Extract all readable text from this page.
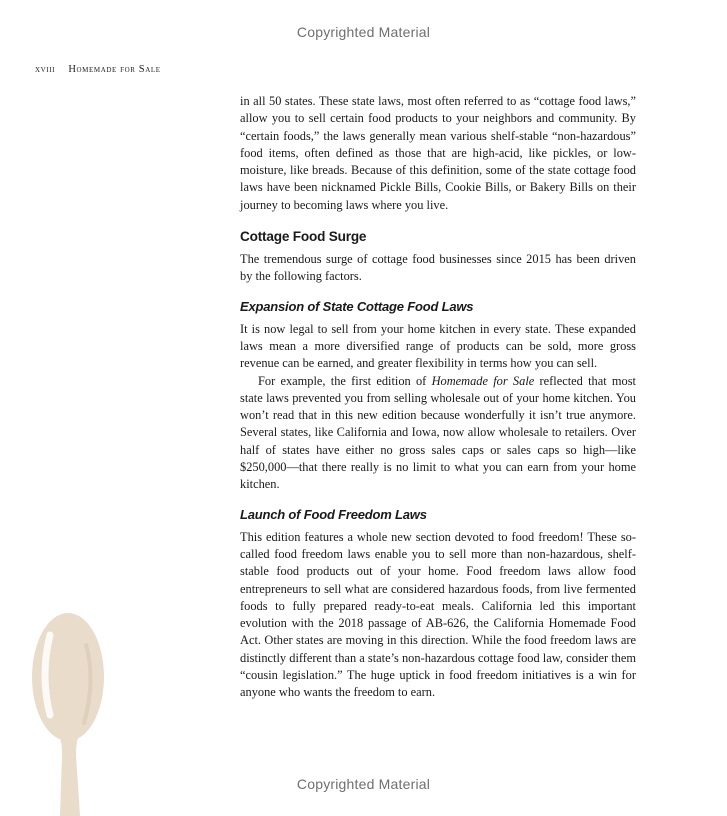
Copyrighted Material
xviii Homemade for Sale

in all 50 states. These state laws, most often referred to as “cottage food laws,” allow you to sell certain food products to your neighbors and community. By “certain foods,” the laws generally mean various shelf-stable “non-hazardous” food items, often defined as those that are high-acid, like pickles, or low-moisture, like breads. Because of this definition, some of the state cottage food laws have been nicknamed Pickle Bills, Cookie Bills, or Bakery Bills on their journey to becoming laws where you live.

Cottage Food Surge

The tremendous surge of cottage food businesses since 2015 has been driven by the following factors.

Expansion of State Cottage Food Laws

It is now legal to sell from your home kitchen in every state. These expanded laws mean a more diversified range of products can be sold, more gross revenue can be earned, and greater flexibility in terms how you can sell.

For example, the first edition of Homemade for Sale reflected that most state laws prevented you from selling wholesale out of your home kitchen. You won’t read that in this new edition because wonderfully it isn’t true anymore. Several states, like California and Iowa, now allow wholesale to retailers. Over half of states have either no gross sales caps or sales caps so high—like $250,000—that there really is no limit to what you can earn from your home kitchen.

Launch of Food Freedom Laws

This edition features a whole new section devoted to food freedom! These so-called food freedom laws enable you to sell more than non-hazardous, shelf-stable food products out of your home. Food freedom laws allow food entrepreneurs to sell what are considered hazardous foods, from live fermented foods to fully prepared ready-to-eat meals. California led this important evolution with the 2018 passage of AB-626, the California Homemade Food Act. Other states are moving in this direction. While the food freedom laws are distinctly different than a state’s non-hazardous cottage food law, consider them “cousin legislation.” The huge uptick in food freedom initiatives is a win for anyone who wants the freedom to earn.

Copyrighted Material
